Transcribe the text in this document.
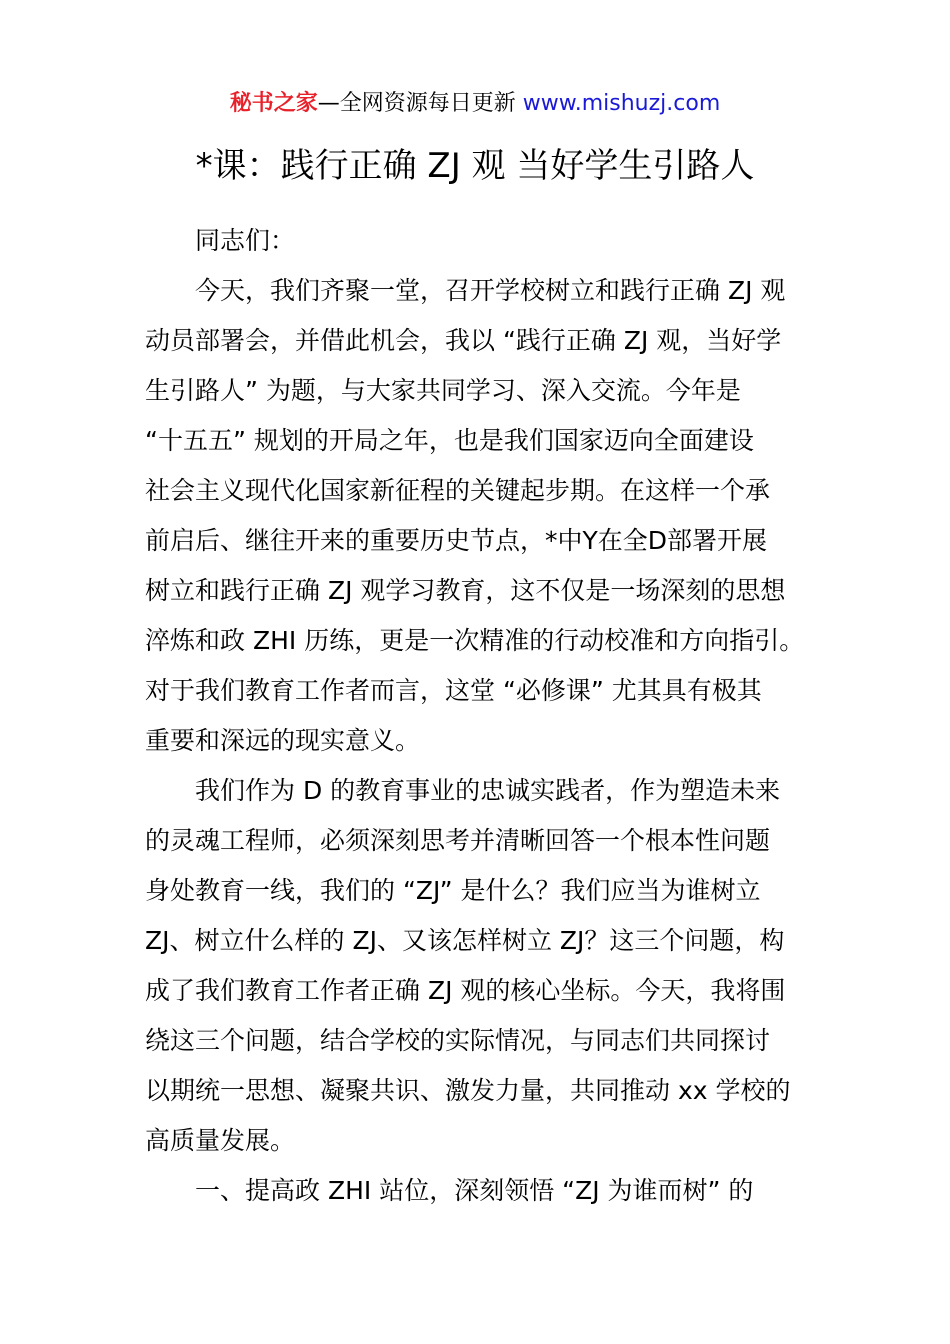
秘书之家—全网资源每日更新 www.mishuzj.com
*课：践行正确 ZJ 观 当好学生引路人
同志们：
今天，我们齐聚一堂，召开学校树立和践行正确 ZJ 观
动员部署会，并借此机会，我以 “践行正确 ZJ 观，当好学
生引路人” 为题，与大家共同学习、深入交流。今年是
“十五五” 规划的开局之年，也是我们国家迈向全面建设
社会主义现代化国家新征程的关键起步期。在这样一个承
前启后、继往开来的重要历史节点，*中Y在全D部署开展
树立和践行正确 ZJ 观学习教育，这不仅是一场深刻的思想
淬炼和政 ZHI 历练，更是一次精准的行动校准和方向指引。
对于我们教育工作者而言，这堂 “必修课” 尤其具有极其
重要和深远的现实意义。
我们作为 D 的教育事业的忠诚实践者，作为塑造未来
的灵魂工程师，必须深刻思考并清晰回答一个根本性问题
身处教育一线，我们的 “ZJ” 是什么？我们应当为谁树立
ZJ、树立什么样的 ZJ、又该怎样树立 ZJ？这三个问题，构
成了我们教育工作者正确 ZJ 观的核心坐标。今天，我将围
绕这三个问题，结合学校的实际情况，与同志们共同探讨
以期统一思想、凝聚共识、激发力量，共同推动 xx 学校的
高质量发展。
一、提高政 ZHI 站位，深刻领悟 “ZJ 为谁而树” 的
